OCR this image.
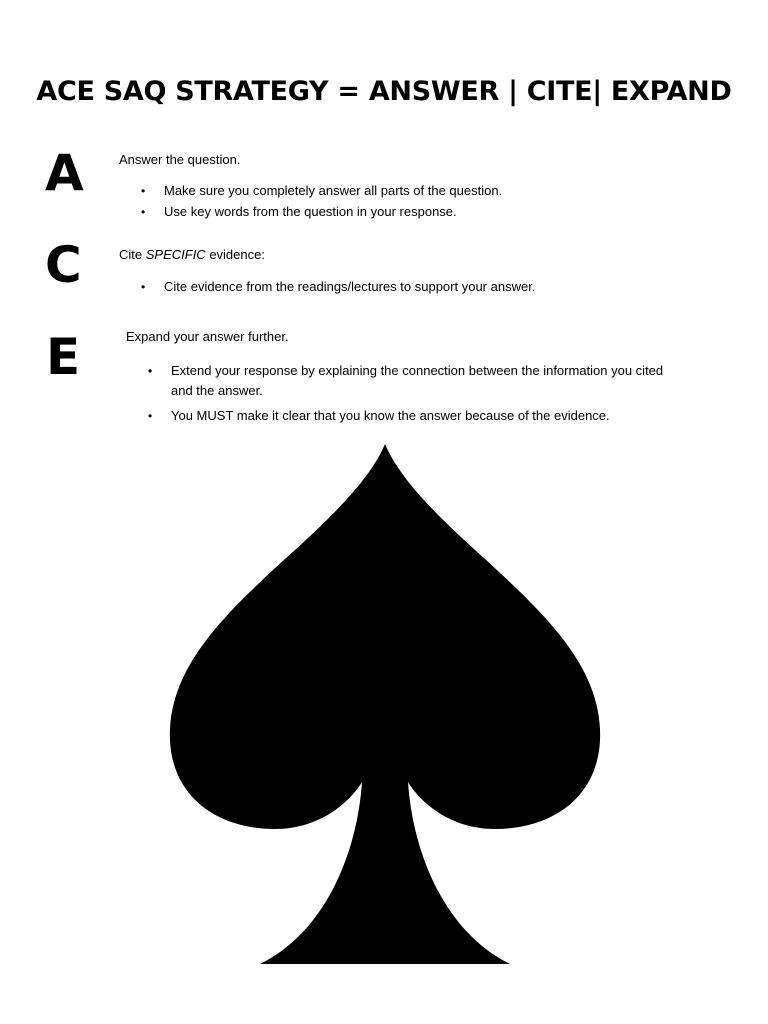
ACE SAQ STRATEGY = ANSWER | CITE| EXPAND
A	Answer the question.

• Make sure you completely answer all parts of the question.
• Use key words from the question in your response.
C	Cite SPECIFIC evidence:

• Cite evidence from the readings/lectures to support your answer.
E	Expand your answer further.

• Extend your response by explaining the connection between the information you cited and the answer.
• You MUST make it clear that you know the answer because of the evidence.
